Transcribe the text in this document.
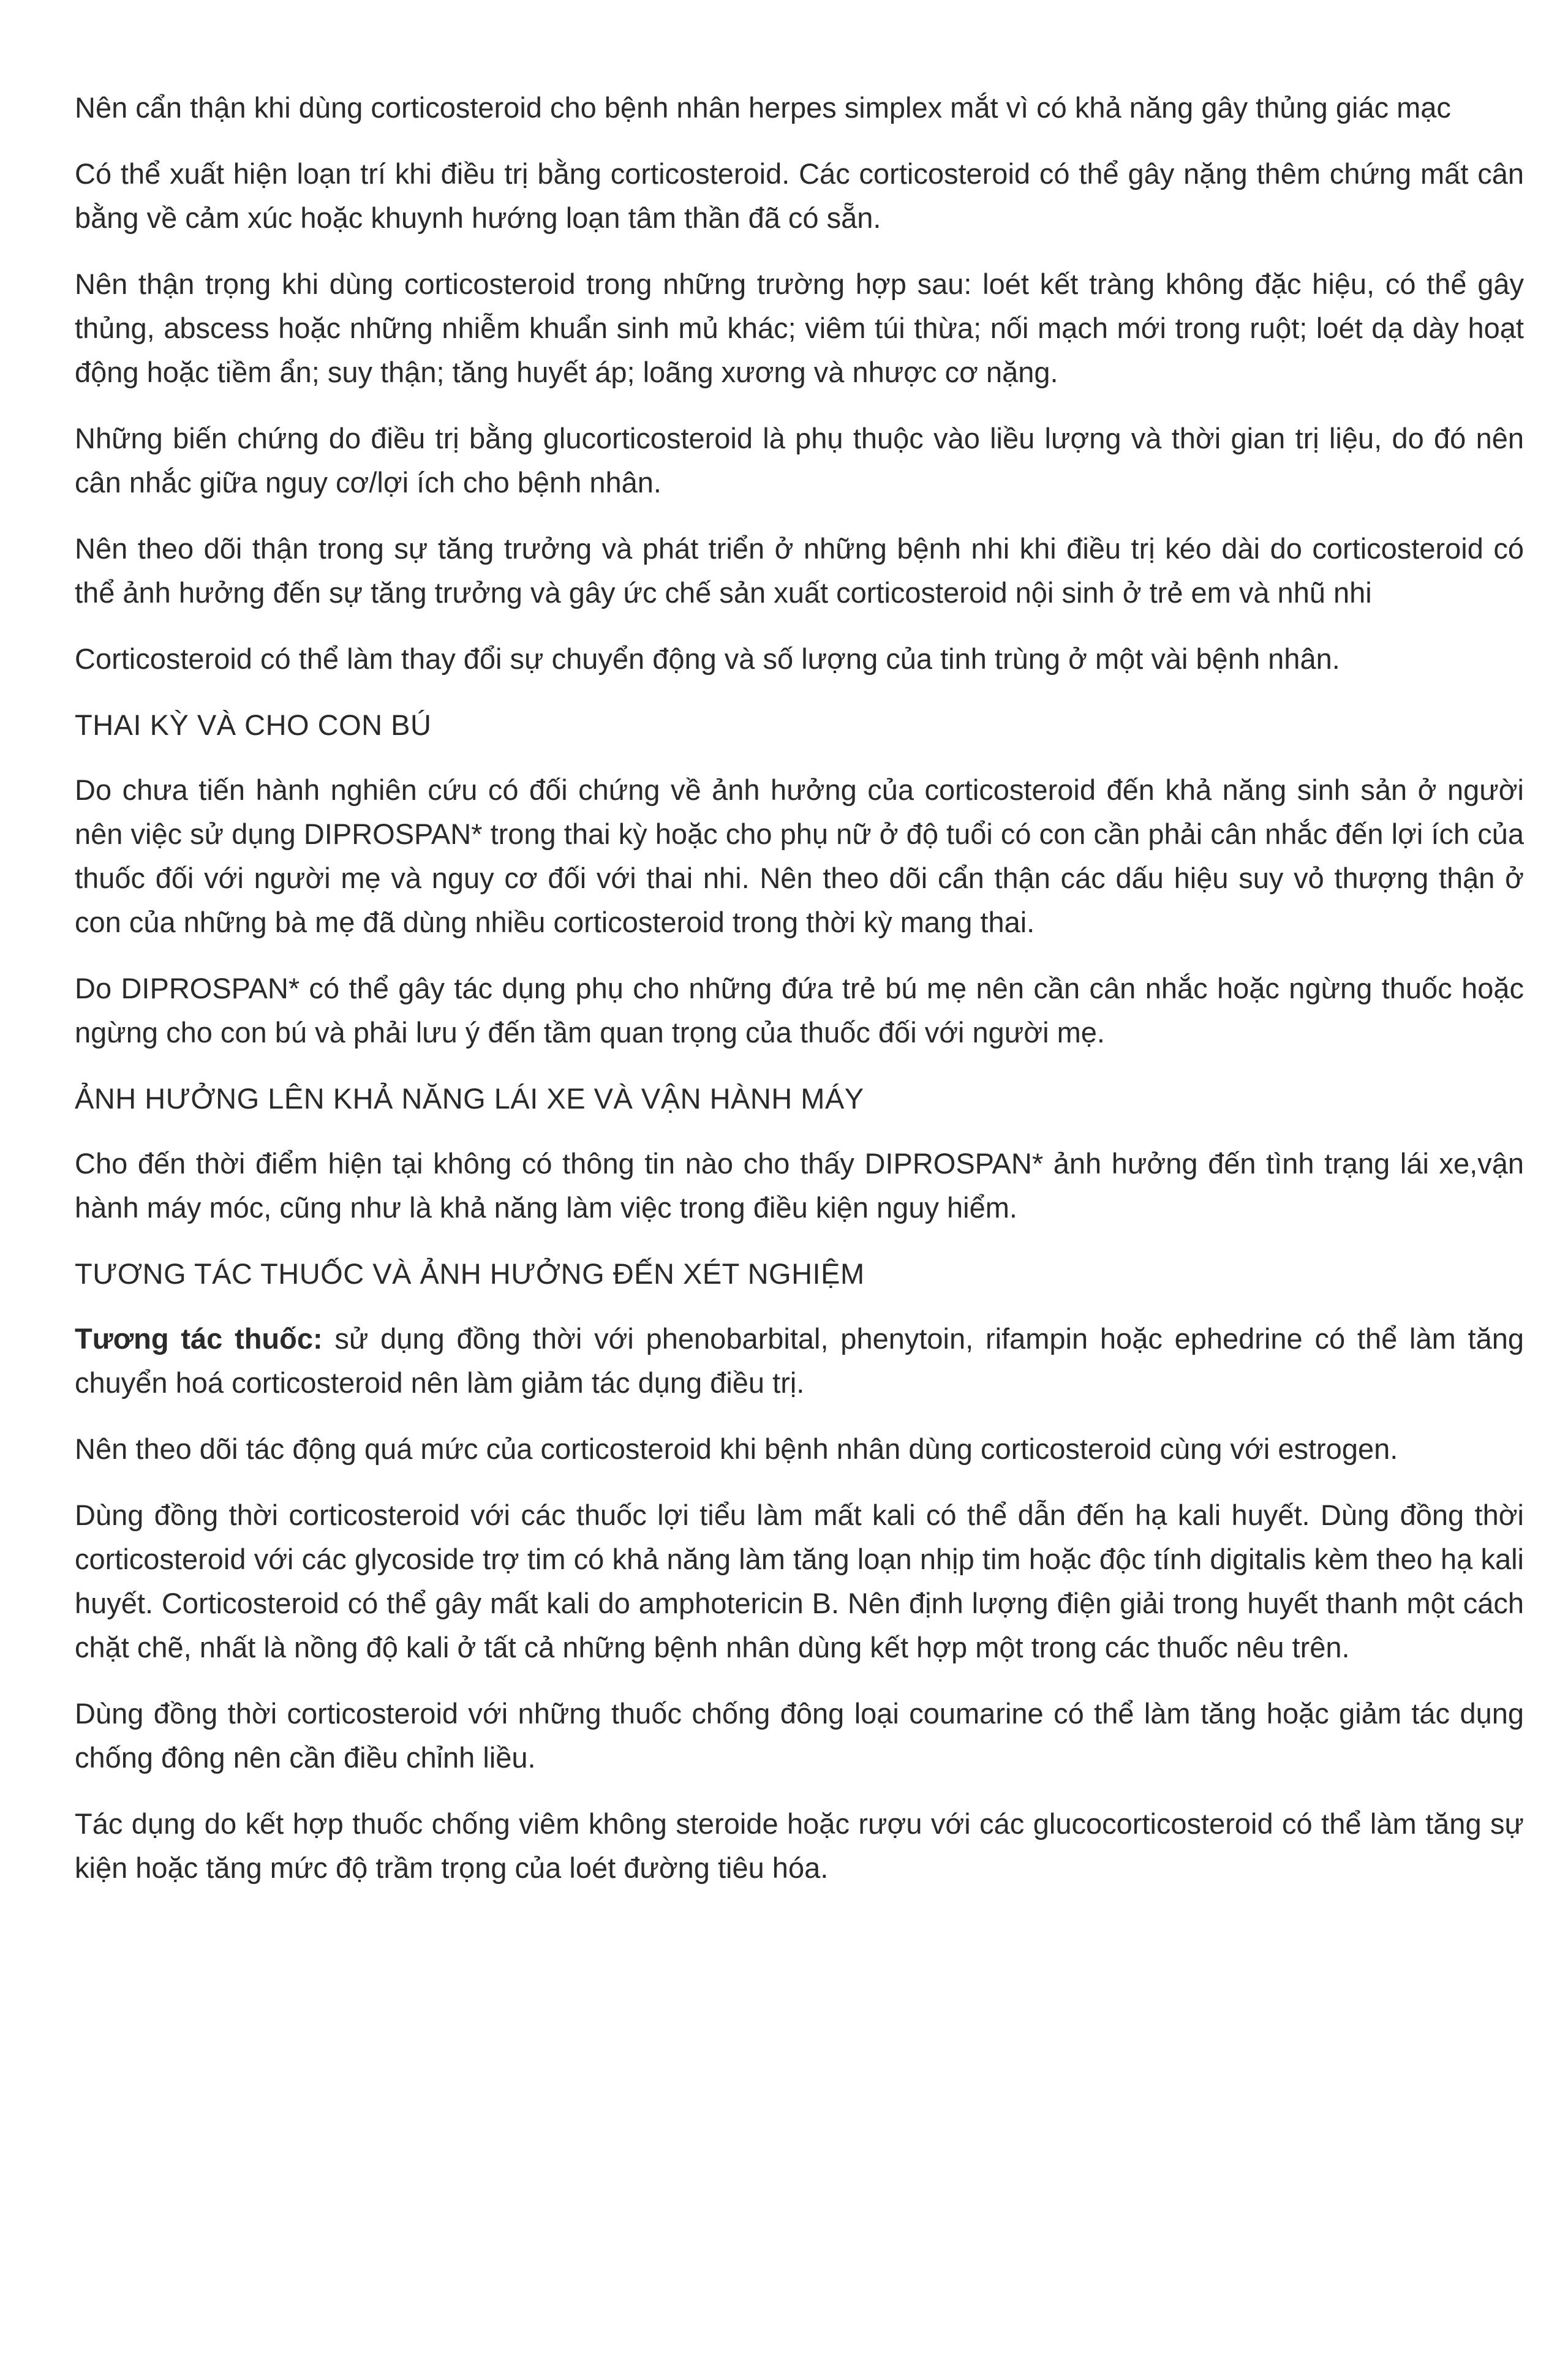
Nên cẩn thận khi dùng corticosteroid cho bệnh nhân herpes simplex mắt vì có khả năng gây thủng giác mạc

Có thể xuất hiện loạn trí khi điều trị bằng corticosteroid. Các corticosteroid có thể gây nặng thêm chứng mất cân bằng về cảm xúc hoặc khuynh hướng loạn tâm thần đã có sẵn.

Nên thận trọng khi dùng corticosteroid trong những trường hợp sau: loét kết tràng không đặc hiệu, có thể gây thủng, abscess hoặc những nhiễm khuẩn sinh mủ khác; viêm túi thừa; nối mạch mới trong ruột; loét dạ dày hoạt động hoặc tiềm ẩn; suy thận; tăng huyết áp; loãng xương và nhược cơ nặng.

Những biến chứng do điều trị bằng glucorticosteroid là phụ thuộc vào liều lượng và thời gian trị liệu, do đó nên cân nhắc giữa nguy cơ/lợi ích cho bệnh nhân.

Nên theo dõi thận trong sự tăng trưởng và phát triển ở những bệnh nhi khi điều trị kéo dài do corticosteroid có thể ảnh hưởng đến sự tăng trưởng và gây ức chế sản xuất corticosteroid nội sinh ở trẻ em và nhũ nhi

Corticosteroid có thể làm thay đổi sự chuyển động và số lượng của tinh trùng ở một vài bệnh nhân.

THAI KỲ VÀ CHO CON BÚ

Do chưa tiến hành nghiên cứu có đối chứng về ảnh hưởng của corticosteroid đến khả năng sinh sản ở người nên việc sử dụng DIPROSPAN* trong thai kỳ hoặc cho phụ nữ ở độ tuổi có con cần phải cân nhắc đến lợi ích của thuốc đối với người mẹ và nguy cơ đối với thai nhi. Nên theo dõi cẩn thận các dấu hiệu suy vỏ thượng thận ở con của những bà mẹ đã dùng nhiều corticosteroid trong thời kỳ mang thai.

Do DIPROSPAN* có thể gây tác dụng phụ cho những đứa trẻ bú mẹ nên cần cân nhắc hoặc ngừng thuốc hoặc ngừng cho con bú và phải lưu ý đến tầm quan trọng của thuốc đối với người mẹ.

ẢNH HƯỞNG LÊN KHẢ NĂNG LÁI XE VÀ VẬN HÀNH MÁY

Cho đến thời điểm hiện tại không có thông tin nào cho thấy DIPROSPAN* ảnh hưởng đến tình trạng lái xe,vận hành máy móc, cũng như là khả năng làm việc trong điều kiện nguy hiểm.

TƯƠNG TÁC THUỐC VÀ ẢNH HƯỞNG ĐẾN XÉT NGHIỆM

Tương tác thuốc: sử dụng đồng thời với phenobarbital, phenytoin, rifampin hoặc ephedrine có thể làm tăng chuyển hoá corticosteroid nên làm giảm tác dụng điều trị.

Nên theo dõi tác động quá mức của corticosteroid khi bệnh nhân dùng corticosteroid cùng với estrogen.

Dùng đồng thời corticosteroid với các thuốc lợi tiểu làm mất kali có thể dẫn đến hạ kali huyết. Dùng đồng thời corticosteroid với các glycoside trợ tim có khả năng làm tăng loạn nhịp tim hoặc độc tính digitalis kèm theo hạ kali huyết. Corticosteroid có thể gây mất kali do amphotericin B. Nên định lượng điện giải trong huyết thanh một cách chặt chẽ, nhất là nồng độ kali ở tất cả những bệnh nhân dùng kết hợp một trong các thuốc nêu trên.

Dùng đồng thời corticosteroid với những thuốc chống đông loại coumarine có thể làm tăng hoặc giảm tác dụng chống đông nên cần điều chỉnh liều.

Tác dụng do kết hợp thuốc chống viêm không steroide hoặc rượu với các glucocorticosteroid có thể làm tăng sự kiện hoặc tăng mức độ trầm trọng của loét đường tiêu hóa.
